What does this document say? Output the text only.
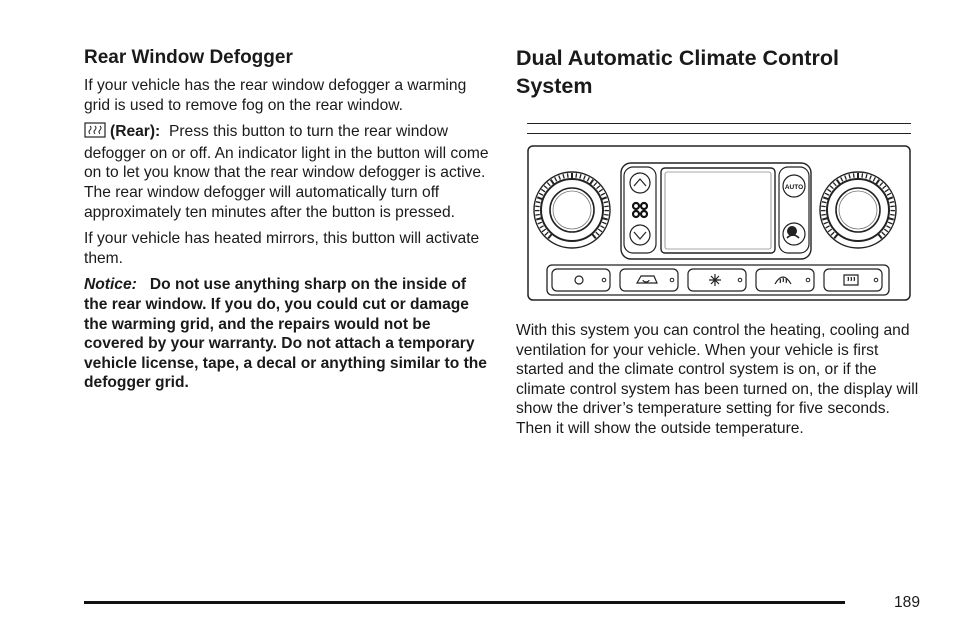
Rear Window Defogger

If your vehicle has the rear window defogger a warming grid is used to remove fog on the rear window.

(Rear): Press this button to turn the rear window defogger on or off. An indicator light in the button will come on to let you know that the rear window defogger is active. The rear window defogger will automatically turn off approximately ten minutes after the button is pressed.

If your vehicle has heated mirrors, this button will activate them.

Notice: Do not use anything sharp on the inside of the rear window. If you do, you could cut or damage the warming grid, and the repairs would not be covered by your warranty. Do not attach a temporary vehicle license, tape, a decal or anything similar to the defogger grid.

Dual Automatic Climate Control System
AUTO

With this system you can control the heating, cooling and ventilation for your vehicle. When your vehicle is first started and the climate control system is on, or if the climate control system has been turned on, the display will show the driver’s temperature setting for five seconds. Then it will show the outside temperature.

189
